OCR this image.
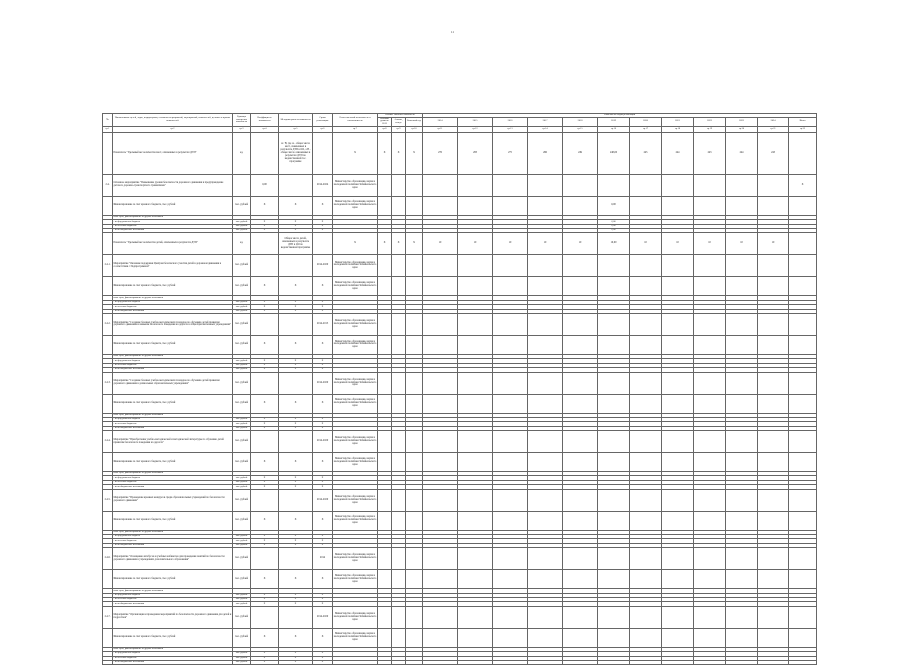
11
№	Наименование целей, задач, подпрограмм, основных мероприятий, мероприятий, показателей, целевых и прочих показателей	Единица измерения показателя	Коэффициент значимости	Методика расчета показателя	Сроки реализации	Ответственный исполнитель и соисполнитель	Базовое значение показателя			Значения по годам реализации											
							Базовый уровень 2012	Анализ, статус	Базисный год	2014	2015	2016	2017	2018	2019	2020	2021	2022	2023	2024	Итого
гр.1	гр.2	гр.3	гр.4	гр.5	гр.6	гр.7	гр.8	гр.9	гр.10	гр.11	гр.12	гр.13	гр.14	гр.15	гр.16	гр.17	гр.18	гр.19	гр.20	гр.21	гр.22
	Показатель "Удельный вес количества мест, охваченных в результате ДТП"	ед.		А / В, где А - общее число мест, охваченных в результате ДТП в ОО, а В - общее число охваченных в результате ДТП по ведомственной гос. программе		X	X	X	X	276	283	275	266	249	248,00	245	244	243	244	243	
2.4.	Основное мероприятие "Повышение уровня безопасности дорожного движения и предупреждение детского дорожно-транспортного травматизма"		0,00		2014-2024	Министерство образования, науки и молодежной политики Забайкальского края															X
	Финансирование за счет краевого бюджета, тыс. рублей	тыс. рублей	X	X	X	Министерство образования, науки и молодежной политики Забайкальского края									0,00						
	иные пути, финансирование из других источников																				
	- из федерального бюджета	тыс. рублей	X	X	X										0,00						
	- из местных бюджетов	тыс. рублей	X	X	X										0,00						
	- из внебюджетных источников	тыс. рублей	X	X	X										0,00						
	Показатель "Удельный вес количества детей, охваченных в результате ДТП"	ед.		Общее число детей, охваченных в результате ДТП в ОО по ведомственной программе		X	X	X	X	10	10	10	10	10	10,00	10	10	10	10	10	
2.4.1.	Мероприятие "Оказание поддержки Центрам безопасного участия детей в дорожном движении в соответствии с Подпрограммой"	тыс. рублей			2014-2020	Министерство образования, науки и молодежной политики Забайкальского края															
	Финансирование за счет краевого бюджета, тыс. рублей	тыс. рублей	X	X	X	Министерство образования, науки и молодежной политики Забайкальского края															
	иные пути, финансирование из других источников																				
	- из федерального бюджета	тыс. рублей	X	X	X																
	- из местных бюджетов	тыс. рублей	X	X	X																
	- из внебюджетных источников	тыс. рублей	X	X	X																
2.4.2.	Мероприятие "Создание базовых учебно-методических площадок по обучению детей правилам дорожного движения и навыкам безопасного поведения на дорогах в общеобразовательных учреждениях"	тыс. рублей			2014-2015	Министерство образования, науки и молодежной политики Забайкальского края															
	Финансирование за счет краевого бюджета, тыс. рублей	тыс. рублей	X	X	X	Министерство образования, науки и молодежной политики Забайкальского края															
	иные пути, финансирование из других источников																				
	- из федерального бюджета	тыс. рублей	X	X	X																
	- из местных бюджетов	тыс. рублей	X	X	X																
	- из внебюджетных источников	тыс. рублей	X	X	X																
2.4.3.	Мероприятие "Создание базовых учебно-методических площадок по обучению детей правилам дорожного движения в дошкольных образовательных учреждениях"	тыс. рублей			2014-2020	Министерство образования, науки и молодежной политики Забайкальского края															
	Финансирование за счет краевого бюджета, тыс. рублей	тыс. рублей	X	X	X	Министерство образования, науки и молодежной политики Забайкальского края															
	иные пути, финансирование из других источников																				
	- из федерального бюджета	тыс. рублей	X	X	X																
	- из местных бюджетов	тыс. рублей	X	X	X																
	- из внебюджетных источников	тыс. рублей	X	X	X																
2.4.4.	Мероприятие "Приобретение учебно-методической и методической литературы по обучению детей правилам безопасного поведения на дорогах"	тыс. рублей			2014-2020	Министерство образования, науки и молодежной политики Забайкальского края															
	Финансирование за счет краевого бюджета, тыс. рублей	тыс. рублей	X	X	X	Министерство образования, науки и молодежной политики Забайкальского края															
	иные пути, финансирование из других источников																				
	- из федерального бюджета	тыс. рублей	X	X	X																
	- из местных бюджетов	тыс. рублей	X	X	X																
	- из внебюджетных источников	тыс. рублей	X	X	X																
2.4.5.	Мероприятие "Проведение краевых конкурсов среди образовательных учреждений по безопасности дорожного движения"	тыс. рублей			2014-2020	Министерство образования, науки и молодежной политики Забайкальского края															
	Финансирование за счет краевого бюджета, тыс. рублей	тыс. рублей	X	X	X	Министерство образования, науки и молодежной политики Забайкальского края															
	иные пути, финансирование из других источников																				
	- из федерального бюджета	тыс. рублей	X	X	X																
	- из местных бюджетов	тыс. рублей	X	X	X																
	- из внебюджетных источников	тыс. рублей	X	X	X																
2.4.6.	Мероприятие "Оснащение автобусов и учебных кабинетов для проведения занятий по безопасности дорожного движения в учреждениях дополнительного образования"	тыс. рублей			2014	Министерство образования, науки и молодежной политики Забайкальского края															
	Финансирование за счет краевого бюджета, тыс. рублей	тыс. рублей	X	X	X	Министерство образования, науки и молодежной политики Забайкальского края															
	иные пути, финансирование из других источников																				
	- из федерального бюджета	тыс. рублей	X	X	X																
	- из местных бюджетов	тыс. рублей	X	X	X																
	- из внебюджетных источников	тыс. рублей	X	X	X																
2.4.7.	Мероприятие "Организация и проведение мероприятий по безопасности дорожного движения для детей и подростков"	тыс. рублей			2014-2020	Министерство образования, науки и молодежной политики Забайкальского края															
	Финансирование за счет краевого бюджета, тыс. рублей	тыс. рублей	X	X	X	Министерство образования, науки и молодежной политики Забайкальского края															
	иные пути, финансирование из других источников																				
	- из федерального бюджета	тыс. рублей	X	X	X																
	- из местных бюджетов	тыс. рублей	X	X	X																
	- из внебюджетных источников	тыс. рублей	X	X	X																
